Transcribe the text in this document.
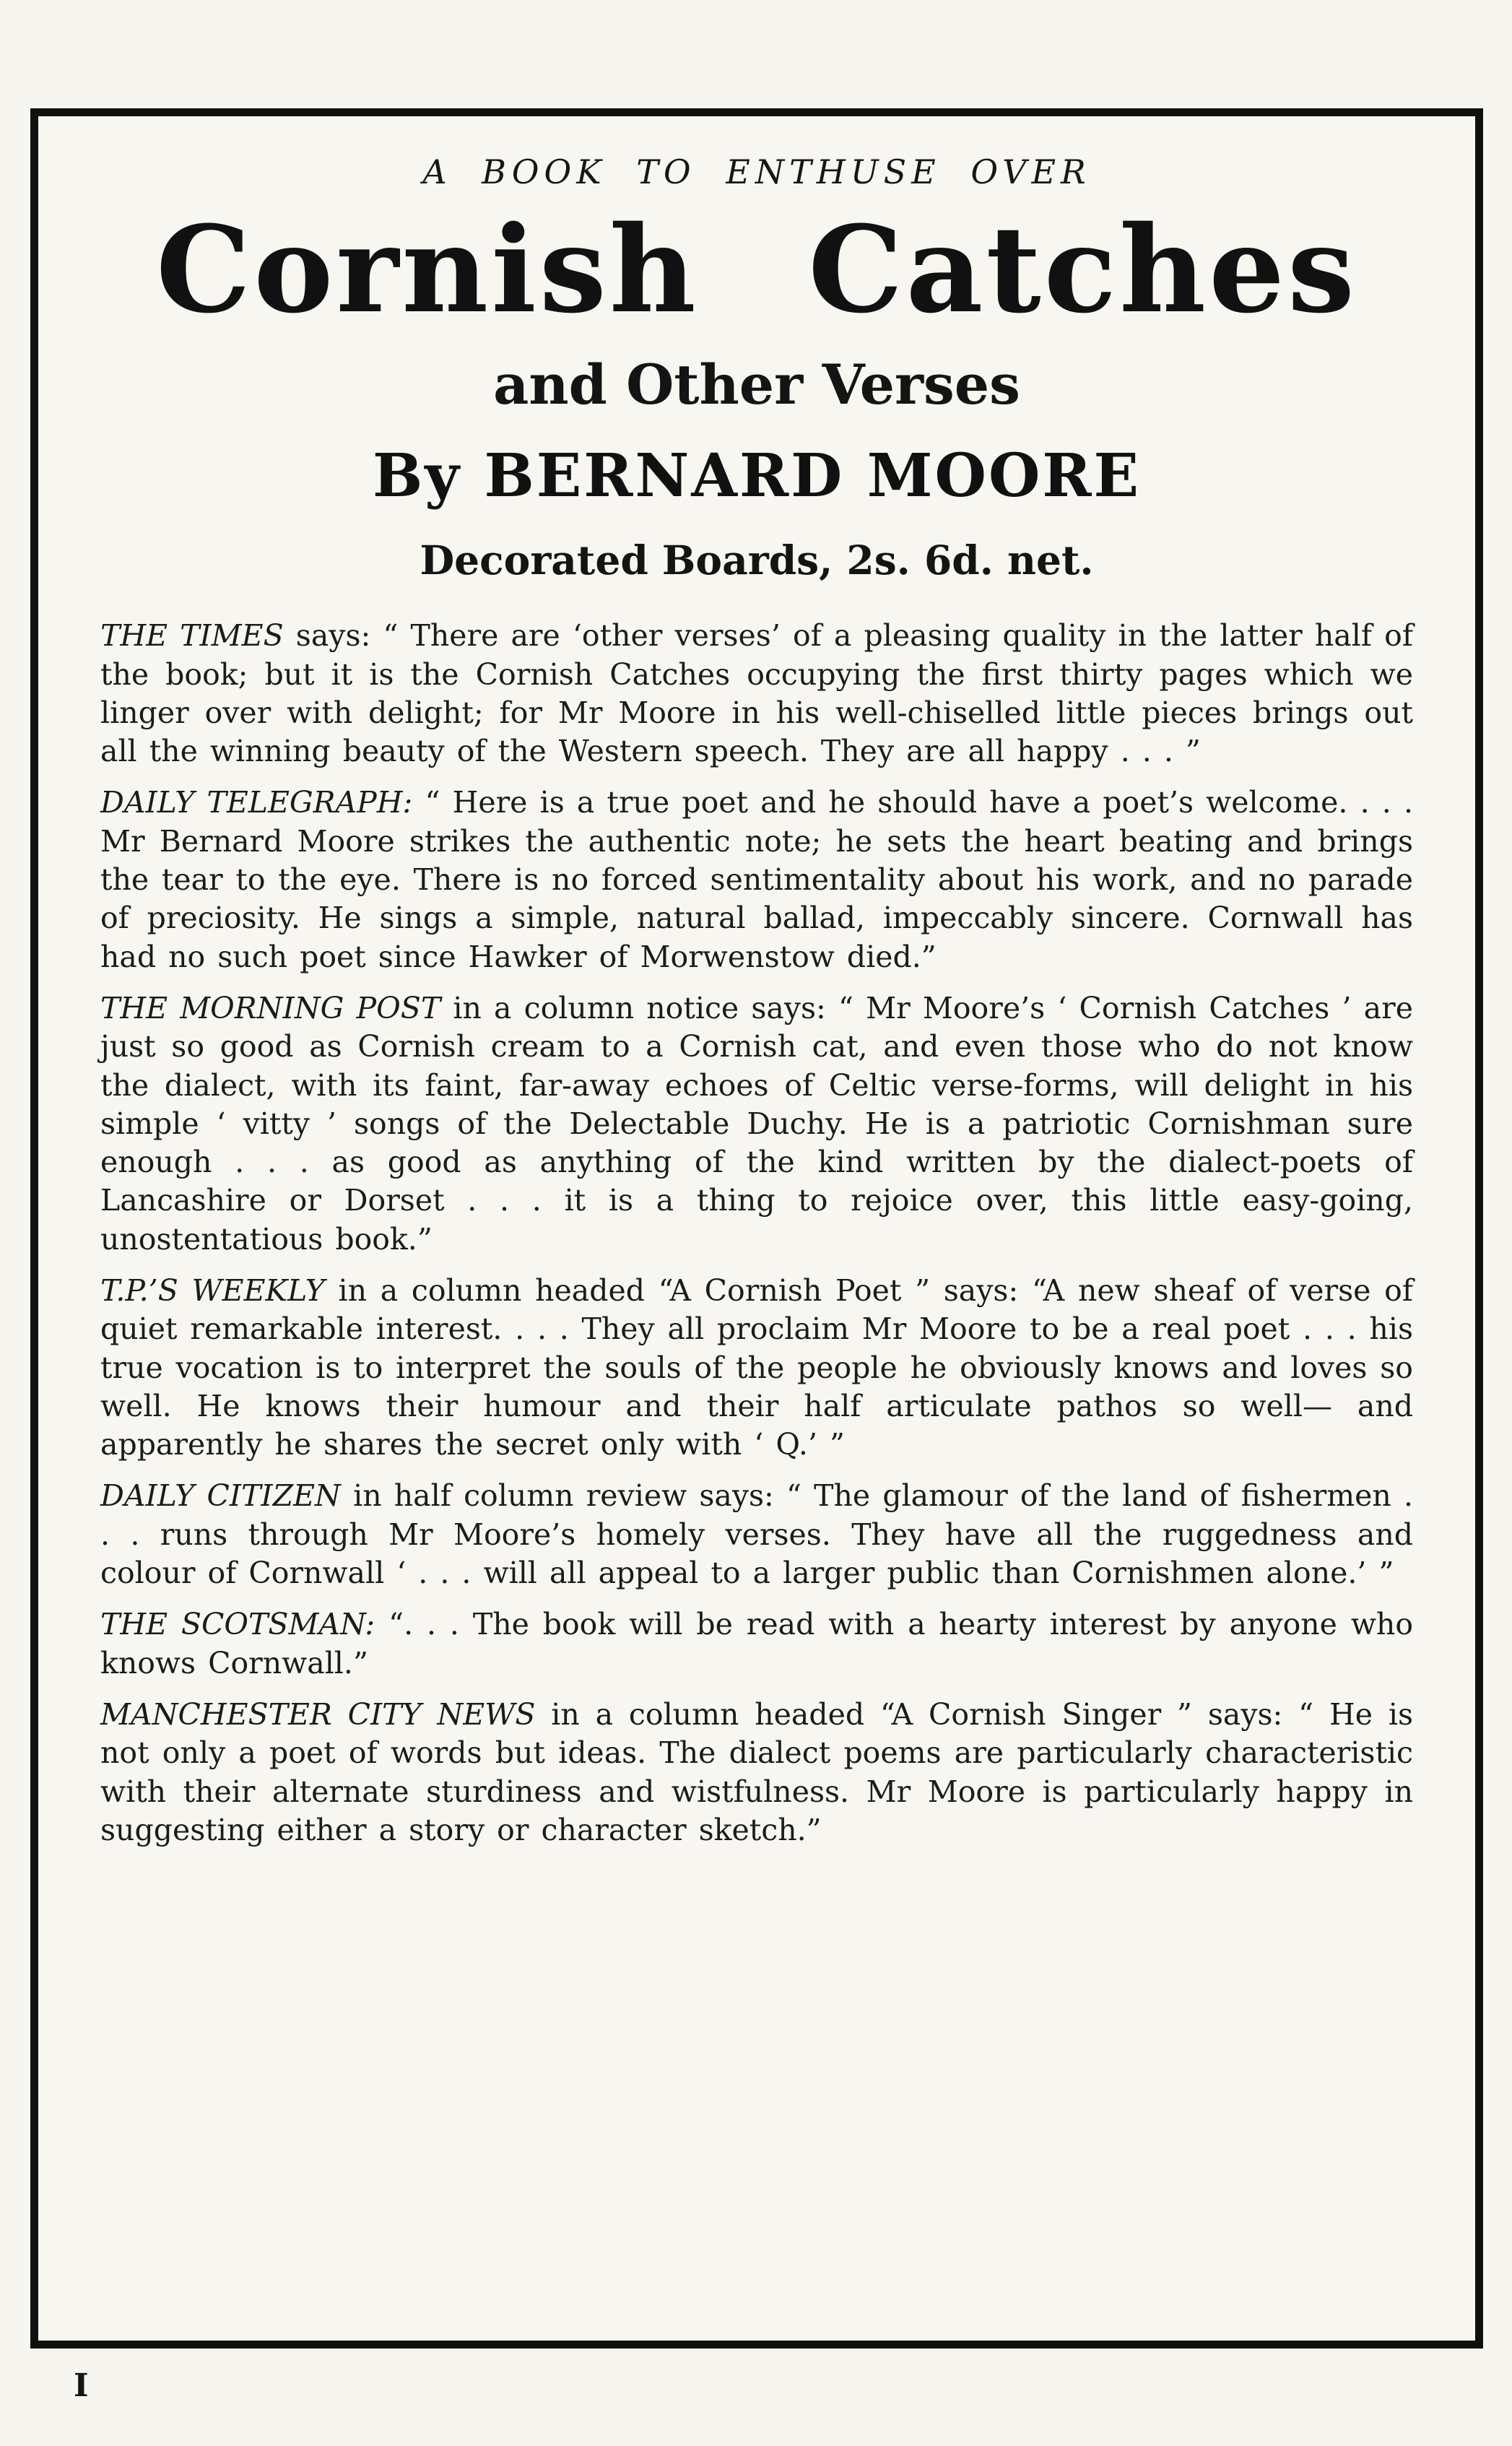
A BOOK TO ENTHUSE OVER
Cornish Catches
and Other Verses
By BERNARD MOORE
Decorated Boards, 2s. 6d. net.

THE TIMES says: “ There are ‘other verses’ of a pleasing quality in the latter half of the book; but it is the Cornish Catches occupying the first thirty pages which we linger over with delight; for Mr Moore in his well-chiselled little pieces brings out all the winning beauty of the Western speech. They are all happy . . . ”

DAILY TELEGRAPH: “ Here is a true poet and he should have a poet’s welcome. . . . Mr Bernard Moore strikes the authentic note; he sets the heart beating and brings the tear to the eye. There is no forced sentimentality about his work, and no parade of preciosity. He sings a simple, natural ballad, impeccably sincere. Cornwall has had no such poet since Hawker of Morwenstow died.”

THE MORNING POST in a column notice says: “ Mr Moore’s ‘ Cornish Catches ’ are just so good as Cornish cream to a Cornish cat, and even those who do not know the dialect, with its faint, far-away echoes of Celtic verse-forms, will delight in his simple ‘ vitty ’ songs of the Delectable Duchy. He is a patriotic Cornishman sure enough . . . as good as anything of the kind written by the dialect-poets of Lancashire or Dorset . . . it is a thing to rejoice over, this little easy-going, unostentatious book.”

T.P.’S WEEKLY in a column headed “A Cornish Poet ” says: “A new sheaf of verse of quiet remarkable interest. . . . They all proclaim Mr Moore to be a real poet . . . his true vocation is to interpret the souls of the people he obviously knows and loves so well. He knows their humour and their half articulate pathos so well— and apparently he shares the secret only with ‘ Q.’ ”

DAILY CITIZEN in half column review says: “ The glamour of the land of fishermen . . . runs through Mr Moore’s homely verses. They have all the ruggedness and colour of Cornwall ‘ . . . will all appeal to a larger public than Cornishmen alone.’ ”

THE SCOTSMAN: “. . . The book will be read with a hearty interest by anyone who knows Cornwall.”

MANCHESTER CITY NEWS in a column headed “A Cornish Singer ” says: “ He is not only a poet of words but ideas. The dialect poems are particularly characteristic with their alternate sturdiness and wistfulness. Mr Moore is particularly happy in suggesting either a story or character sketch.”

I
